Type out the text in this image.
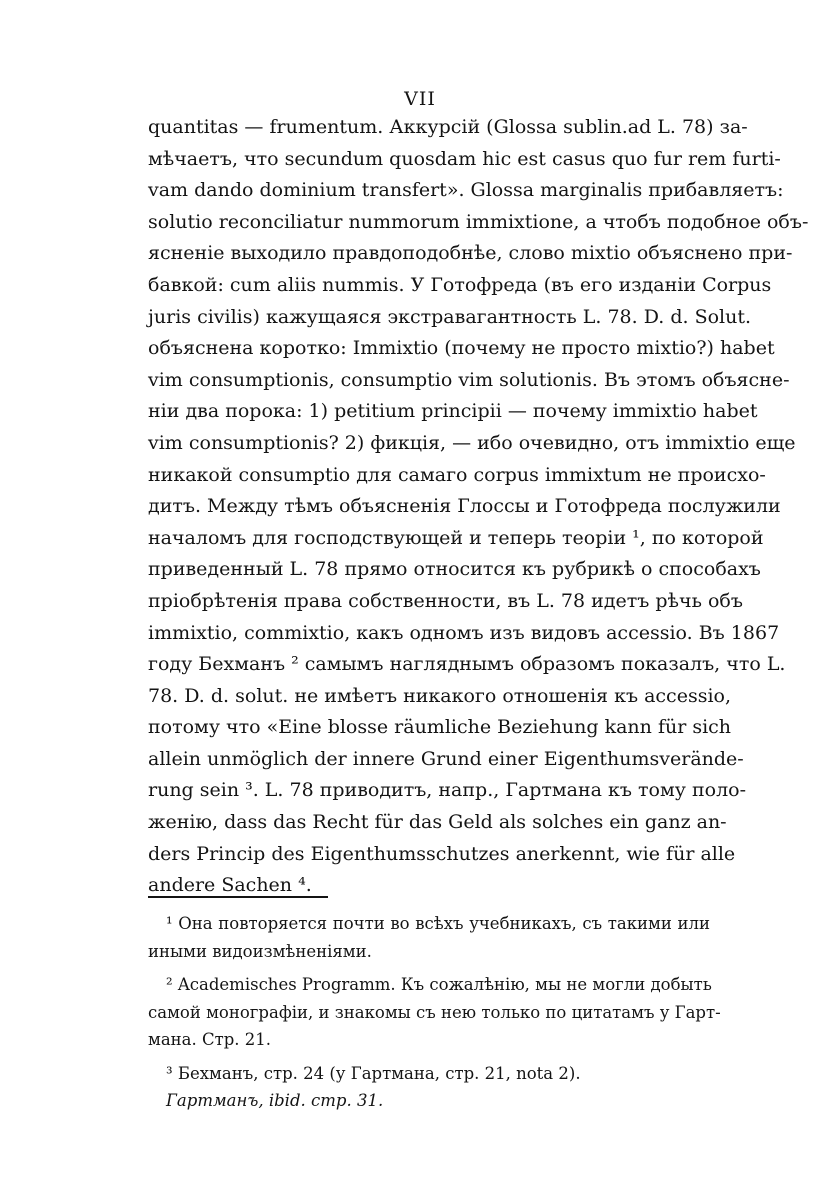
VII
quantitas — frumentum. Аккурсій (Glossa sublin.ad L. 78) за-
мѣчаетъ, что secundum quosdam hic est casus quo fur rem furti-
vam dando dominium transfert». Glossa marginalis прибавляетъ:
solutio reconciliatur nummorum immixtione, а чтобъ подобное объ-
ясненіе выходило правдоподобнѣе, слово mixtio объяснено при-
бавкой: cum aliis nummis. У Готофреда (въ его изданіи Corpus
juris civilis) кажущаяся экстравагантность L. 78. D. d. Solut.
объяснена коротко: Immixtio (почему не просто mixtio?) habet
vim consumptionis, consumptio vim solutionis. Въ этомъ объясне-
ніи два порока: 1) petitium principii — почему immixtio habet
vim consumptionis? 2) фикція, — ибо очевидно, отъ immixtio еще
никакой consumptio для самаго corpus immixtum не происхо-
дитъ. Между тѣмъ объясненія Глоссы и Готофреда послужили
началомъ для господствующей и теперь теоріи ¹, по которой
приведенный L. 78 прямо относится къ рубрикѣ о способахъ
пріобрѣтенія права собственности, въ L. 78 идетъ рѣчь объ
immixtio, commixtio, какъ одномъ изъ видовъ accessio. Въ 1867
году Бехманъ ² самымъ нагляднымъ образомъ показалъ, что L.
78. D. d. solut. не имѣетъ никакого отношенія къ accessio,
потому что «Eine blosse räumliche Beziehung kann für sich
allein unmöglich der innere Grund einer Eigenthumsverände-
rung sein ³. L. 78 приводитъ, напр., Гартмана къ тому поло-
женію, dass das Recht für das Geld als solches ein ganz an-
ders Princip des Eigenthumsschutzes anerkennt, wie für alle
andere Sachen ⁴.
¹ Она повторяется почти во всѣхъ учебникахъ, съ такими или
иными видоизмѣненіями.
² Academisches Programm. Къ сожалѣнію, мы не могли добыть
самой монографіи, и знакомы съ нею только по цитатамъ у Гарт-
мана. Стр. 21.
³ Бехманъ, стр. 24 (у Гартмана, стр. 21, nota 2).
Гартманъ, ibid. стр. 31.
